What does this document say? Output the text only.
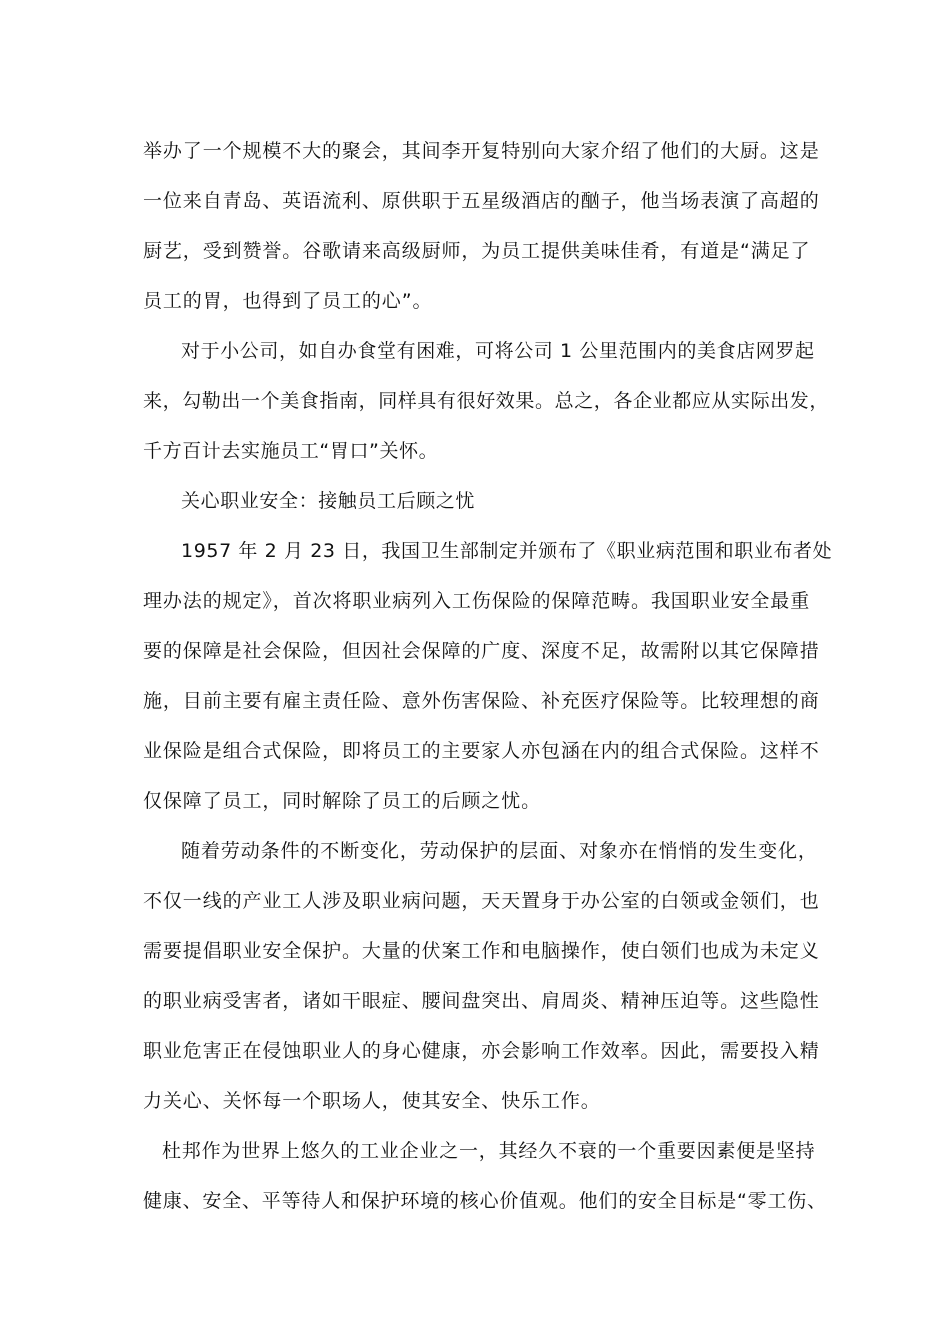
举办了一个规模不大的聚会，其间李开复特别向大家介绍了他们的大厨。这是
一位来自青岛、英语流利、原供职于五星级酒店的酗子，他当场表演了高超的
厨艺，受到赞誉。谷歌请来高级厨师，为员工提供美味佳肴，有道是“满足了
员工的胃，也得到了员工的心”。
对于小公司，如自办食堂有困难，可将公司 1 公里范围内的美食店网罗起
来，勾勒出一个美食指南，同样具有很好效果。总之，各企业都应从实际出发，
千方百计去实施员工“胃口”关怀。
关心职业安全：接触员工后顾之忧
1957 年 2 月 23 日，我国卫生部制定并颁布了《职业病范围和职业布者处
理办法的规定》，首次将职业病列入工伤保险的保障范畴。我国职业安全最重
要的保障是社会保险，但因社会保障的广度、深度不足，故需附以其它保障措
施，目前主要有雇主责任险、意外伤害保险、补充医疗保险等。比较理想的商
业保险是组合式保险，即将员工的主要家人亦包涵在内的组合式保险。这样不
仅保障了员工，同时解除了员工的后顾之忧。
随着劳动条件的不断变化，劳动保护的层面、对象亦在悄悄的发生变化，
不仅一线的产业工人涉及职业病问题，天天置身于办公室的白领或金领们，也
需要提倡职业安全保护。大量的伏案工作和电脑操作，使白领们也成为未定义
的职业病受害者，诸如干眼症、腰间盘突出、肩周炎、精神压迫等。这些隐性
职业危害正在侵蚀职业人的身心健康，亦会影响工作效率。因此，需要投入精
力关心、关怀每一个职场人，使其安全、快乐工作。
杜邦作为世界上悠久的工业企业之一，其经久不衰的一个重要因素便是坚持
健康、安全、平等待人和保护环境的核心价值观。他们的安全目标是“零工伤、
